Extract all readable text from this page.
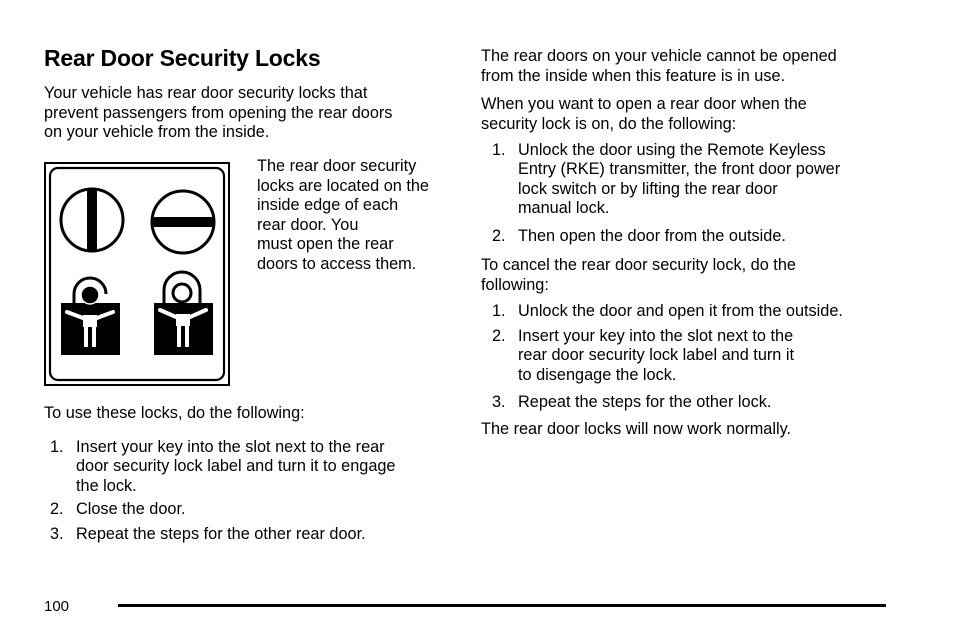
Rear Door Security Locks

Your vehicle has rear door security locks that

prevent passengers from opening the rear doors

on your vehicle from the inside.

The rear door security

locks are located on the

inside edge of each

rear door. You

must open the rear

doors to access them.

To use these locks, do the following:

1. Insert your key into the slot next to the rear
door security lock label and turn it to engage
the lock.
2. Close the door.
3. Repeat the steps for the other rear door.

The rear doors on your vehicle cannot be opened

from the inside when this feature is in use.

When you want to open a rear door when the

security lock is on, do the following:

1. Unlock the door using the Remote Keyless
Entry (RKE) transmitter, the front door power
lock switch or by lifting the rear door
manual lock.
2. Then open the door from the outside.

To cancel the rear door security lock, do the

following:

1. Unlock the door and open it from the outside.
2. Insert your key into the slot next to the
rear door security lock label and turn it
to disengage the lock.
3. Repeat the steps for the other lock.

The rear door locks will now work normally.

100
